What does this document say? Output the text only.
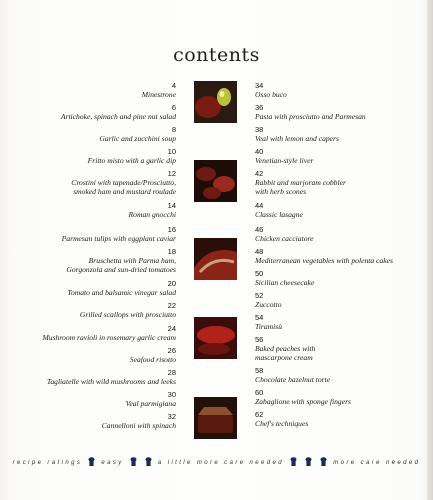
contents
4
Minestrone
6
Artichoke, spinach and pine nut salad
8
Garlic and zucchini soup
10
Fritto misto with a garlic dip
12
Crostini with tapenade/Prosciutto,
smoked ham and mustard roulade
14
Roman gnocchi
16
Parmesan tulips with eggplant caviar
18
Bruschetta with Parma ham,
Gorgonzola and sun-dried tomatoes
20
Tomato and balsamic vinegar salad
22
Grilled scallops with prosciutto
24
Mushroom ravioli in rosemary garlic cream
26
Seafood risotto
28
Tagliatelle with wild mushrooms and leeks
30
Veal parmigiana
32
Cannelloni with spinach
34
Osso buco
36
Pasta with prosciutto and Parmesan
38
Veal with lemon and capers
40
Venetian-style liver
42
Rabbit and marjoram cobbler
with herb scones
44
Classic lasagne
46
Chicken cacciatore
48
Mediterranean vegetables with polenta cakes
50
Sicilian cheesecake
52
Zuccotto
54
Tiramisù
56
Baked peaches with
mascarpone cream
58
Chocolate hazelnut torte
60
Zabaglione with sponge fingers
62
Chef's techniques
recipe ratings	easy	a little more care needed	more care needed
